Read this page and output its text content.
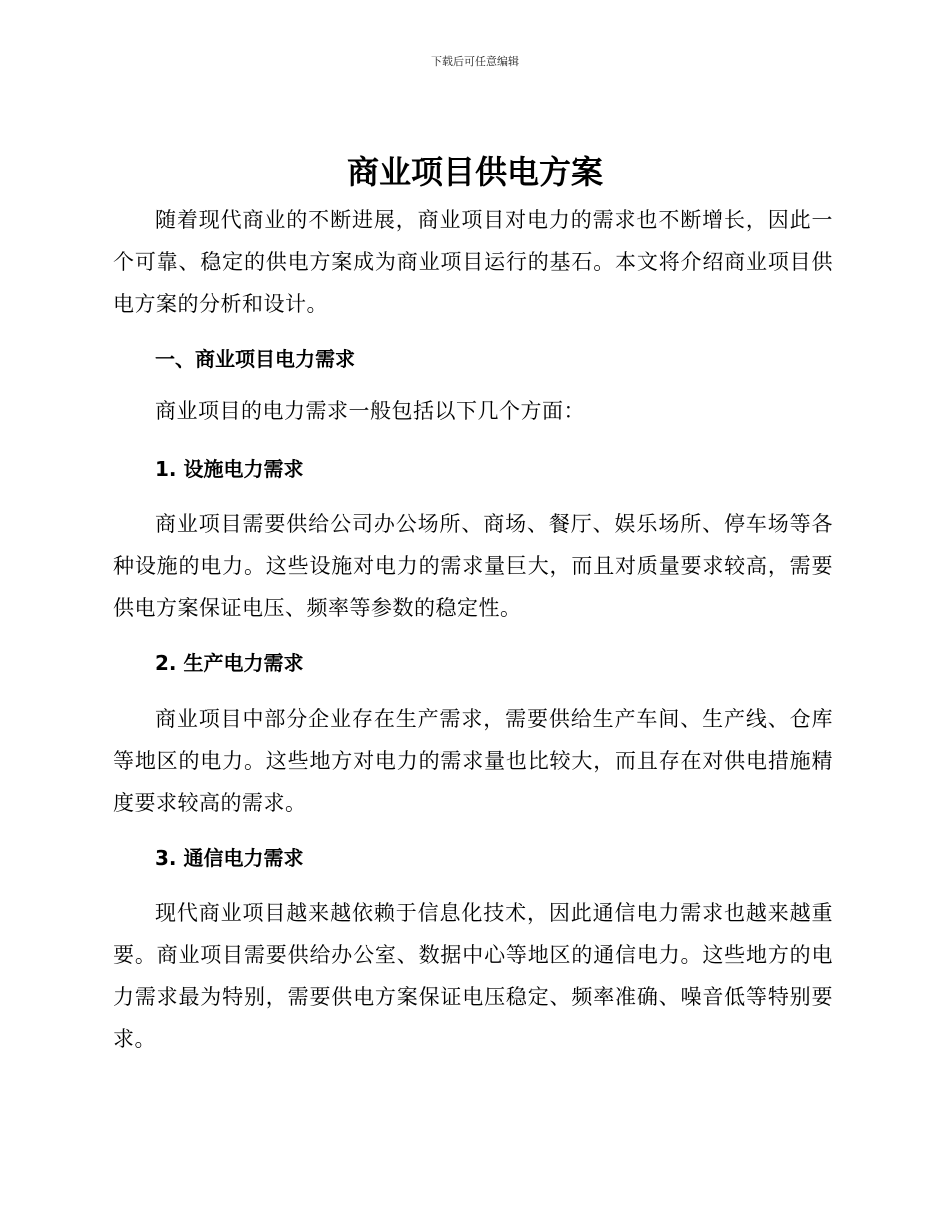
下载后可任意编辑
商业项目供电方案

随着现代商业的不断进展，商业项目对电力的需求也不断增长，因此一个可靠、稳定的供电方案成为商业项目运行的基石。本文将介绍商业项目供电方案的分析和设计。

一、商业项目电力需求

商业项目的电力需求一般包括以下几个方面：

1. 设施电力需求

商业项目需要供给公司办公场所、商场、餐厅、娱乐场所、停车场等各种设施的电力。这些设施对电力的需求量巨大，而且对质量要求较高，需要供电方案保证电压、频率等参数的稳定性。

2. 生产电力需求

商业项目中部分企业存在生产需求，需要供给生产车间、生产线、仓库等地区的电力。这些地方对电力的需求量也比较大，而且存在对供电措施精度要求较高的需求。

3. 通信电力需求

现代商业项目越来越依赖于信息化技术，因此通信电力需求也越来越重要。商业项目需要供给办公室、数据中心等地区的通信电力。这些地方的电力需求最为特别，需要供电方案保证电压稳定、频率准确、噪音低等特别要求。
